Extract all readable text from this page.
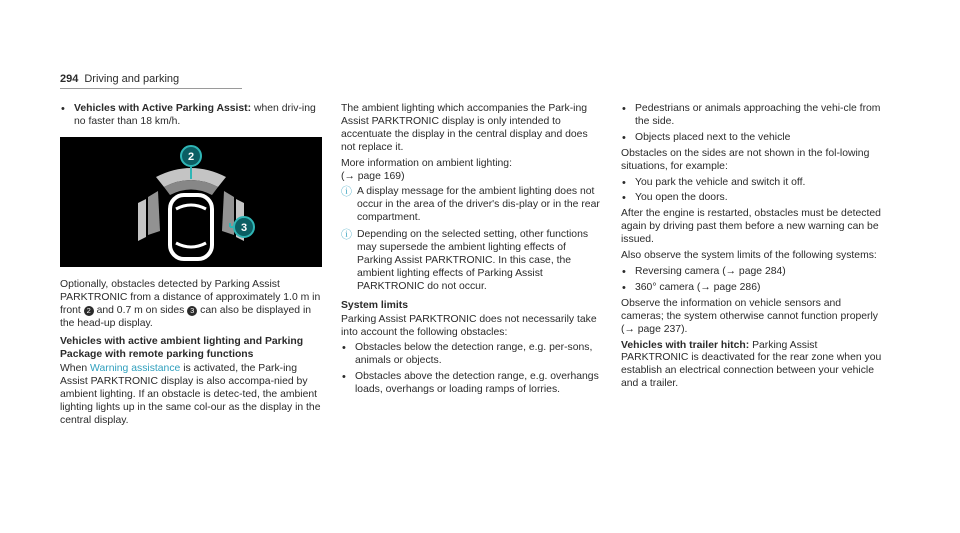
294 Driving and parking
• Vehicles with Active Parking Assist: when driv-ing no faster than 18 km/h.
2
3

Optionally, obstacles detected by Parking Assist PARKTRONIC from a distance of approximately 1.0 m in front 2 and 0.7 m on sides 3 can also be displayed in the head-up display.

Vehicles with active ambient lighting and Parking Package with remote parking functions

When Warning assistance is activated, the Park-ing Assist PARKTRONIC display is also accompa-nied by ambient lighting. If an obstacle is detec-ted, the ambient lighting lights up in the same col-our as the display in the central display.

The ambient lighting which accompanies the Park-ing Assist PARKTRONIC display is only intended to accentuate the display in the central display and does not replace it.

More information on ambient lighting:
(→ page 169)

ⓘ A display message for the ambient lighting does not occur in the area of the driver's dis-play or in the rear compartment.
ⓘ Depending on the selected setting, other functions may supersede the ambient lighting effects of Parking Assist PARKTRONIC. In this case, the ambient lighting effects of Parking Assist PARKTRONIC do not occur.
System limits

Parking Assist PARKTRONIC does not necessarily take into account the following obstacles:

• Obstacles below the detection range, e.g. per-sons, animals or objects.
• Obstacles above the detection range, e.g. overhangs loads, overhangs or loading ramps of lorries.
• Pedestrians or animals approaching the vehi-cle from the side.
• Objects placed next to the vehicle

Obstacles on the sides are not shown in the fol-lowing situations, for example:

• You park the vehicle and switch it off.
• You open the doors.

After the engine is restarted, obstacles must be detected again by driving past them before a new warning can be issued.

Also observe the system limits of the following systems:

• Reversing camera (→ page 284)
• 360° camera (→ page 286)

Observe the information on vehicle sensors and cameras; the system otherwise cannot function properly (→ page 237).

Vehicles with trailer hitch: Parking Assist PARKTRONIC is deactivated for the rear zone when you establish an electrical connection between your vehicle and a trailer.
